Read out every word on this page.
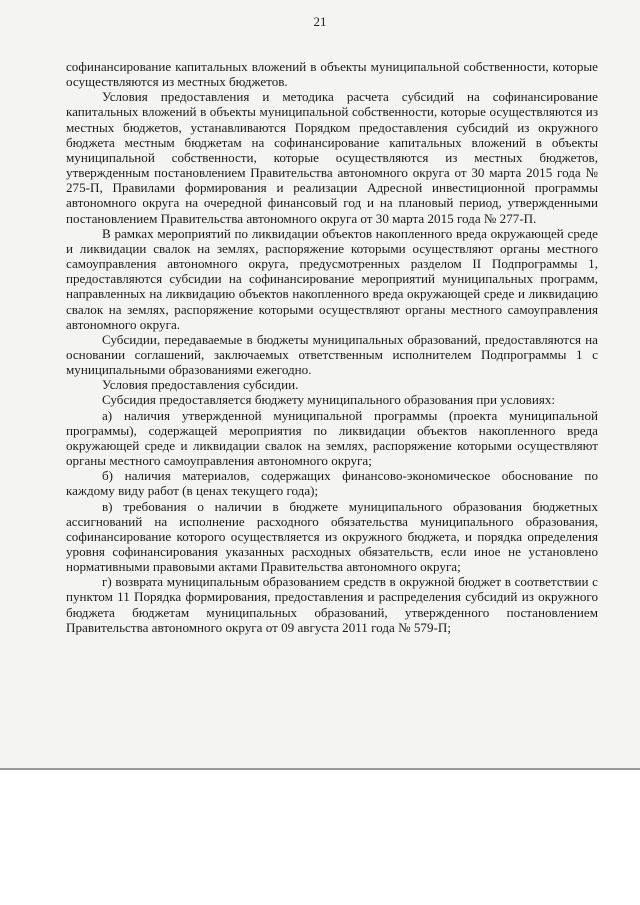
21

софинансирование капитальных вложений в объекты муниципальной собственности, которые осуществляются из местных бюджетов.

Условия предоставления и методика расчета субсидий на софинансирование капитальных вложений в объекты муниципальной собственности, которые осуществляются из местных бюджетов, устанавливаются Порядком предоставления субсидий из окружного бюджета местным бюджетам на софинансирование капитальных вложений в объекты муниципальной собственности, которые осуществляются из местных бюджетов, утвержденным постановлением Правительства автономного округа от 30 марта 2015 года № 275-П, Правилами формирования и реализации Адресной инвестиционной программы автономного округа на очередной финансовый год и на плановый период, утвержденными постановлением Правительства автономного округа от 30 марта 2015 года № 277-П.

В рамках мероприятий по ликвидации объектов накопленного вреда окружающей среде и ликвидации свалок на землях, распоряжение которыми осуществляют органы местного самоуправления автономного округа, предусмотренных разделом II Подпрограммы 1, предоставляются субсидии на софинансирование мероприятий муниципальных программ, направленных на ликвидацию объектов накопленного вреда окружающей среде и ликвидацию свалок на землях, распоряжение которыми осуществляют органы местного самоуправления автономного округа.

Субсидии, передаваемые в бюджеты муниципальных образований, предоставляются на основании соглашений, заключаемых ответственным исполнителем Подпрограммы 1 с муниципальными образованиями ежегодно.

Условия предоставления субсидии.

Субсидия предоставляется бюджету муниципального образования при условиях:

а) наличия утвержденной муниципальной программы (проекта муниципальной программы), содержащей мероприятия по ликвидации объектов накопленного вреда окружающей среде и ликвидации свалок на землях, распоряжение которыми осуществляют органы местного самоуправления автономного округа;

б) наличия материалов, содержащих финансово-экономическое обоснование по каждому виду работ (в ценах текущего года);

в) требования о наличии в бюджете муниципального образования бюджетных ассигнований на исполнение расходного обязательства муниципального образования, софинансирование которого осуществляется из окружного бюджета, и порядка определения уровня софинансирования указанных расходных обязательств, если иное не установлено нормативными правовыми актами Правительства автономного округа;

г) возврата муниципальным образованием средств в окружной бюджет в соответствии с пунктом 11 Порядка формирования, предоставления и распределения субсидий из окружного бюджета бюджетам муниципальных образований, утвержденного постановлением Правительства автономного округа от 09 августа 2011 года № 579-П;
